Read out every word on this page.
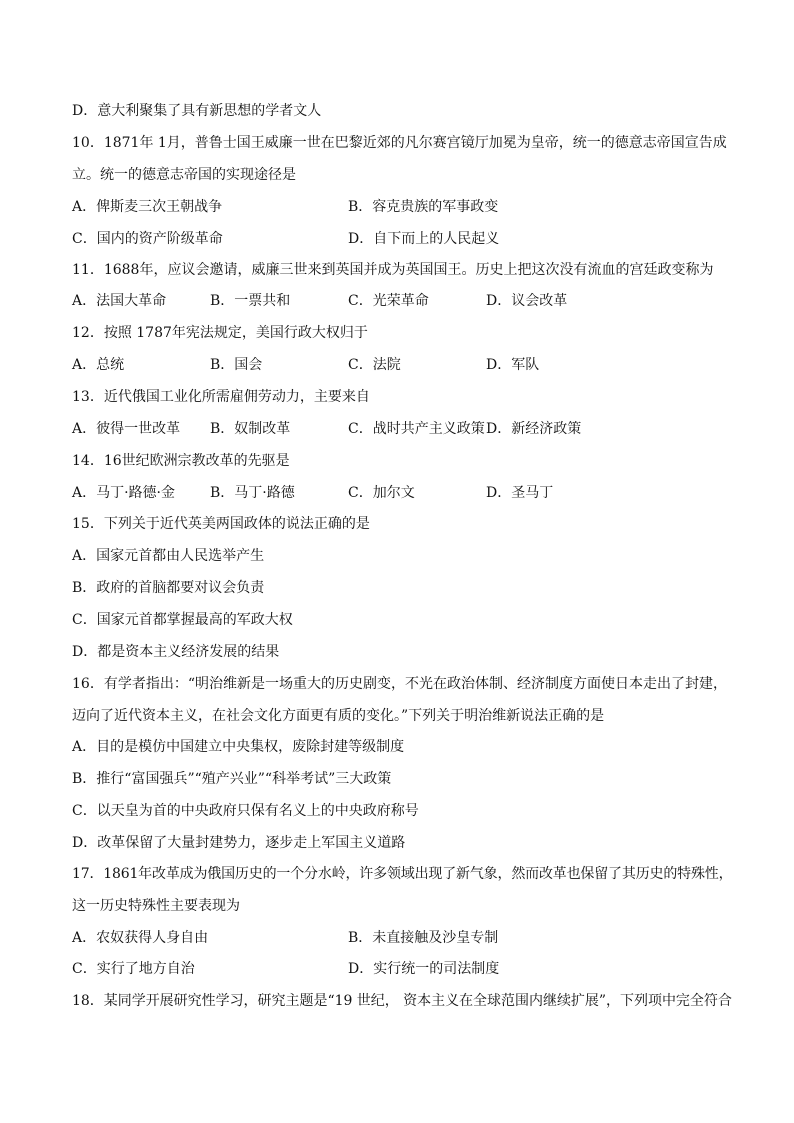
D．意大利聚集了具有新思想的学者文人
10．1871年 1月，普鲁士国王威廉一世在巴黎近郊的凡尔赛宫镜厅加冕为皇帝，统一的德意志帝国宣告成
立。统一的德意志帝国的实现途径是
A．俾斯麦三次王朝战争	B．容克贵族的军事政变
C．国内的资产阶级革命	D．自下而上的人民起义
11．1688年，应议会邀请，威廉三世来到英国并成为英国国王。历史上把这次没有流血的宫廷政变称为
A．法国大革命	B．一票共和	C．光荣革命	D．议会改革
12．按照 1787年宪法规定，美国行政大权归于
A．总统	B．国会	C．法院	D．军队
13．近代俄国工业化所需雇佣劳动力，主要来自
A．彼得一世改革 B．奴制改革	C．战时共产主义政策 D．新经济政策
14．16世纪欧洲宗教改革的先驱是
A．马丁·路德·金 B．马丁·路德	C．加尔文	D．圣马丁
15．下列关于近代英美两国政体的说法正确的是
A．国家元首都由人民选举产生
B．政府的首脑都要对议会负责
C．国家元首都掌握最高的军政大权
D．都是资本主义经济发展的结果
16．有学者指出：“明治维新是一场重大的历史剧变，不光在政治体制、经济制度方面使日本走出了封建，
迈向了近代资本主义，在社会文化方面更有质的变化。”下列关于明治维新说法正确的是
A．目的是模仿中国建立中央集权，废除封建等级制度
B．推行“富国强兵”“殖产兴业”“科举考试”三大政策
C．以天皇为首的中央政府只保有名义上的中央政府称号
D．改革保留了大量封建势力，逐步走上军国主义道路
17．1861年改革成为俄国历史的一个分水岭，许多领域出现了新气象，然而改革也保留了其历史的特殊性，
这一历史特殊性主要表现为
A．农奴获得人身自由	B．未直接触及沙皇专制
C．实行了地方自治	D．实行统一的司法制度
18．某同学开展研究性学习，研究主题是“19 世纪， 资本主义在全球范围内继续扩展”，下列项中完全符合
